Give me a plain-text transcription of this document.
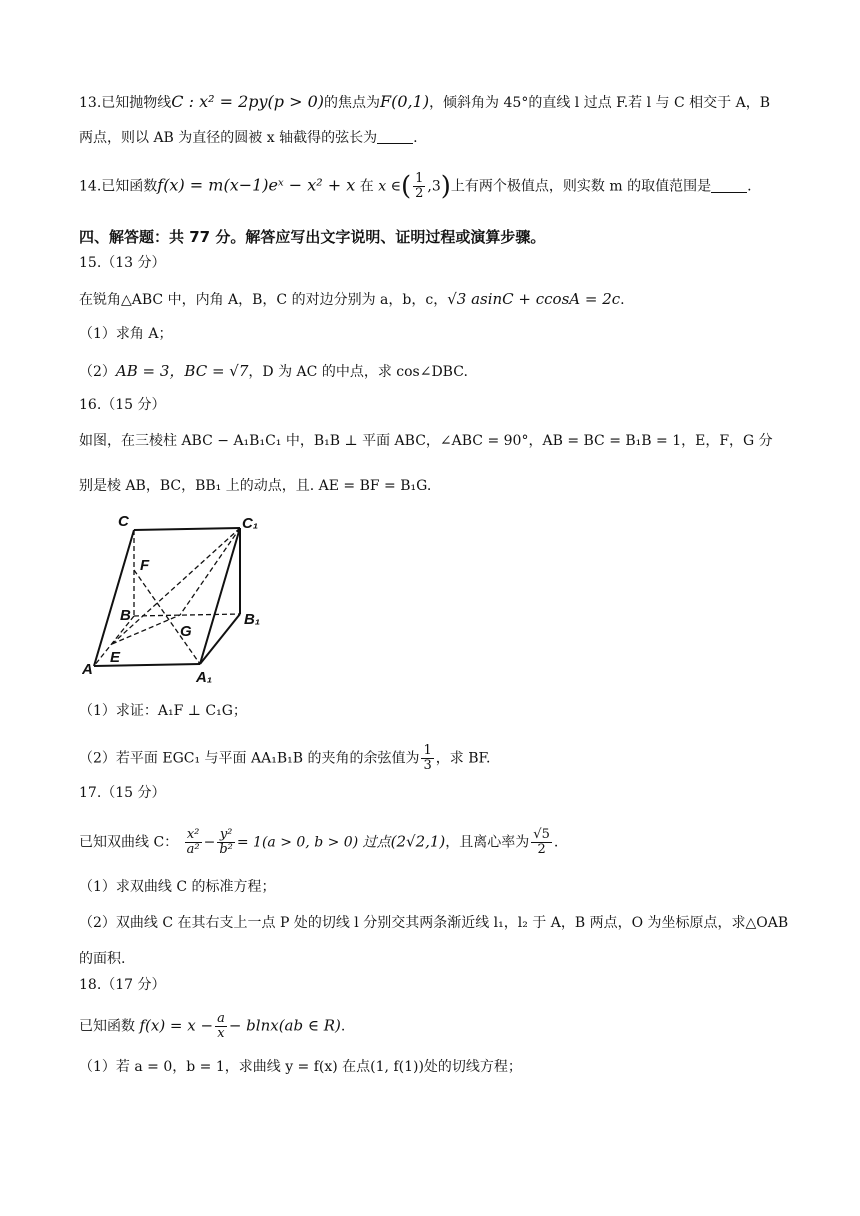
13.已知抛物线C : x² = 2py(p > 0)的焦点为F(0,1)，倾斜角为 45°的直线 l 过点 F.若 l 与 C 相交于 A，B
两点，则以 AB 为直径的圆被 x 轴截得的弦长为	.
14.已知函数f(x) = m(x−1)eˣ − x² + x 在 x ∈( $\frac{1}{2} ,3$)上有两个极值点，则实数 m 的取值范围是	.
四、解答题：共 77 分。解答应写出文字说明、证明过程或演算步骤。
15.（13 分）
在锐角△ABC 中，内角 A，B，C 的对边分别为 a，b，c，√3 asinC + ccosA = 2c.
（1）求角 A；
（2）AB = 3，BC = √7，D 为 AC 的中点，求 cos∠DBC.
16.（15 分）
如图，在三棱柱 ABC − A₁B₁C₁ 中，B₁B ⊥ 平面 ABC，∠ABC = 90°，AB = BC = B₁B = 1，E，F，G 分
别是棱 AB，BC，BB₁ 上的动点，且. AE = BF = B₁G.
C	C₁
F
B	B₁
G
E
A	A₁
（1）求证：A₁F ⊥ C₁G；
（2）若平面 EGC₁ 与平面 AA₁B₁B 的夹角的余弦值为 $\frac{1}{3}$ ，求 BF.
17.（15 分）
已知双曲线 C： $\frac{\text{x²}}{\text{a²}} - \frac{\text{y²}}{\text{b²}} = 1(a > 0$, b > 0) 过点(2√2,1)，且离心率为 $\frac{√5}{2}$ .
（1）求双曲线 C 的标准方程；
（2）双曲线 C 在其右支上一点 P 处的切线 l 分别交其两条渐近线 l₁，l₂ 于 A，B 两点，O 为坐标原点，求△OAB
的面积.
18.（17 分）
已知函数 $f(x) = x - \frac{a}{x} - blnx(ab$ ∈ R).
（1）若 a = 0，b = 1，求曲线 y = f(x) 在点(1, f(1))处的切线方程；
